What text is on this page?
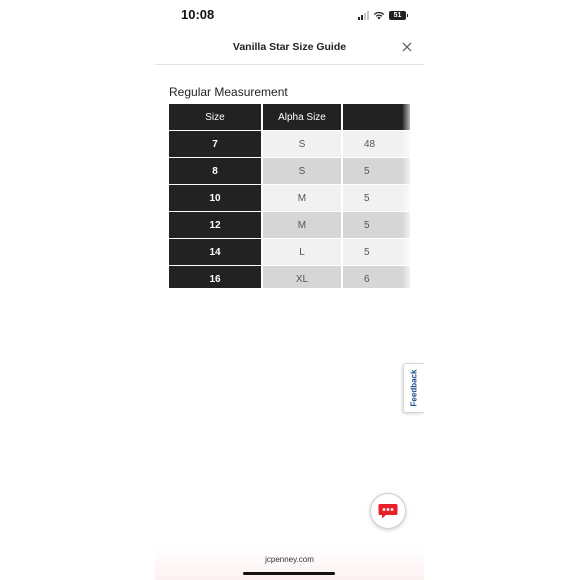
10:08	51
Vanilla Star Size Guide
Regular Measurement
Size	Alpha Size	
7	S	48
8	S	5
10	M	5
12	M	5
14	L	5
16	XL	6
Feedback
jcpenney.com
